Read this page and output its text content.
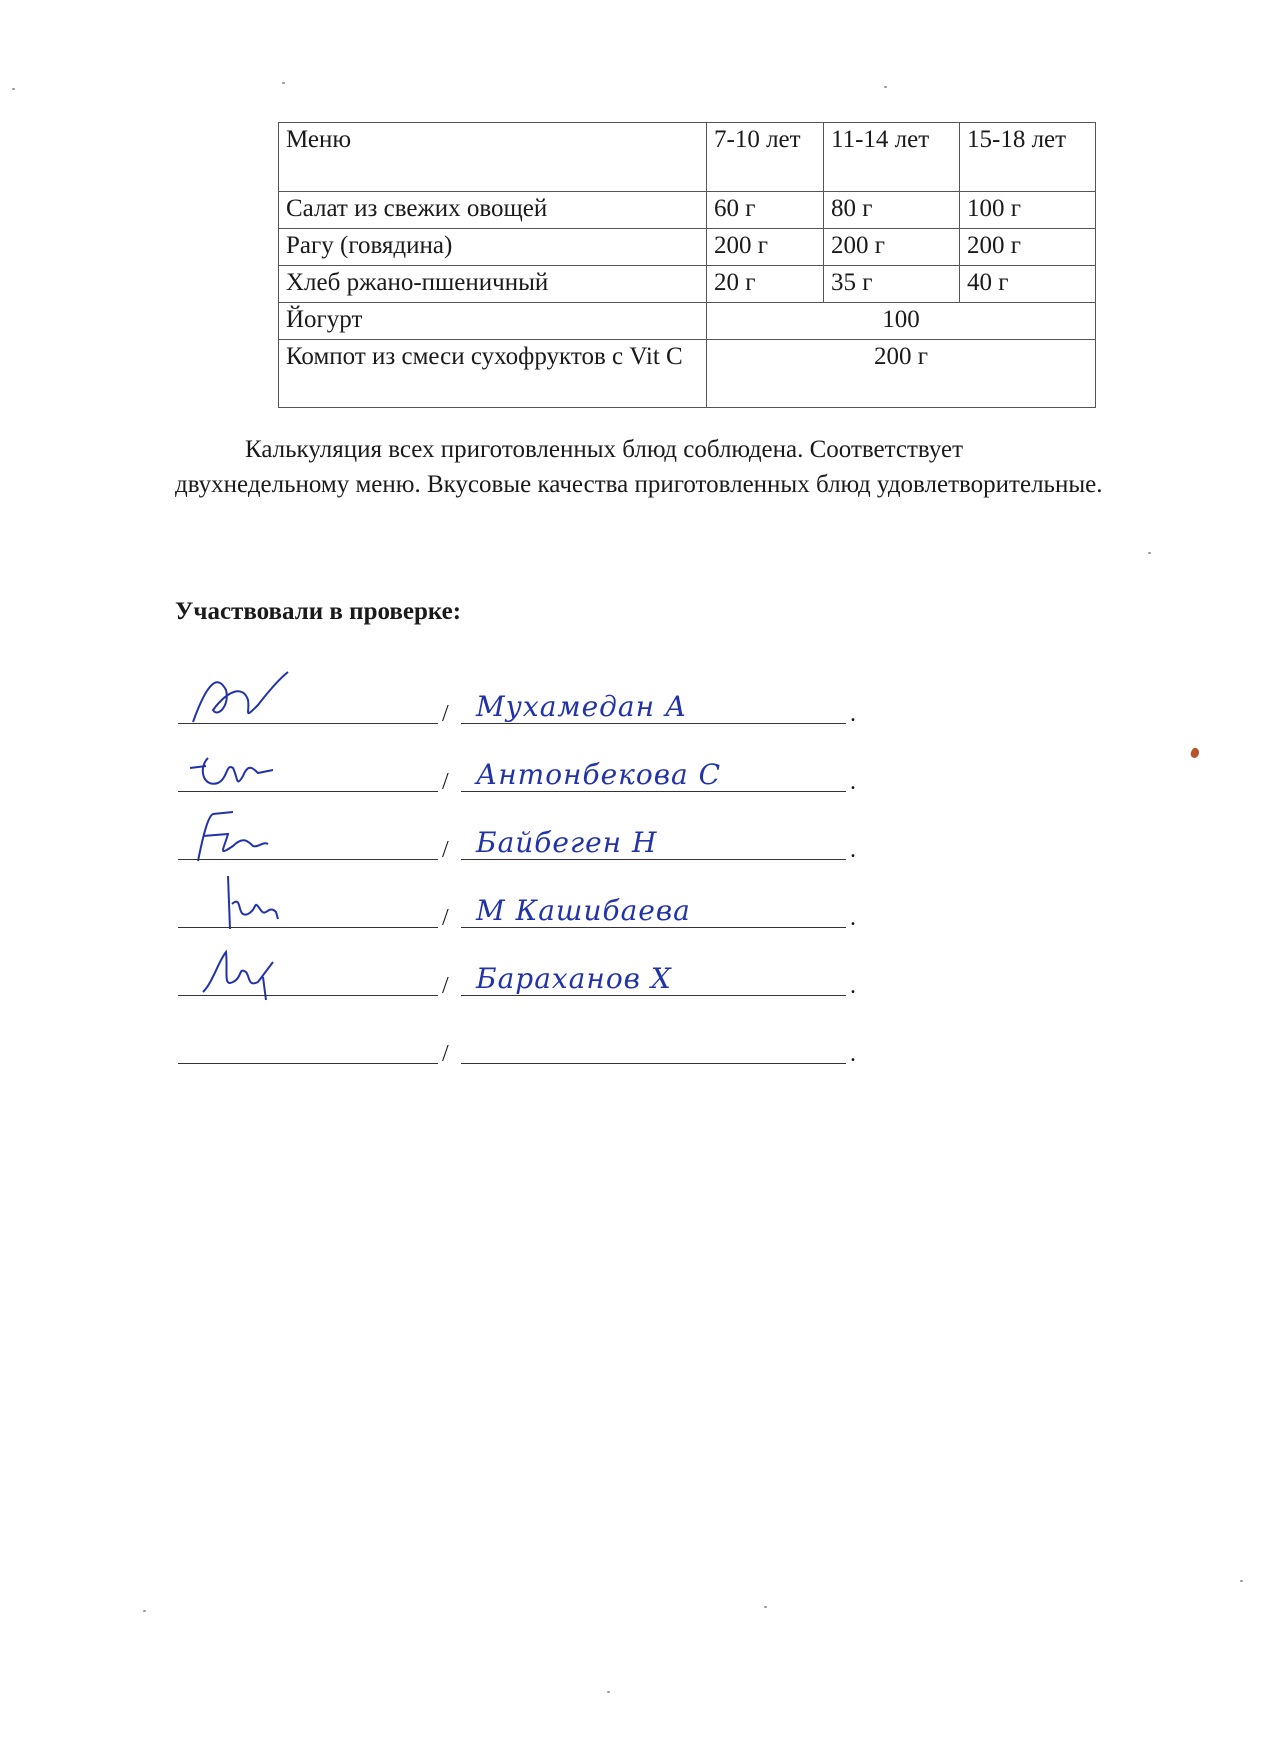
Меню	7-10 лет	11-14 лет	15-18 лет
Салат из свежих овощей	60 г	80 г	100 г
Рагу (говядина)	200 г	200 г	200 г
Хлеб ржано-пшеничный	20 г	35 г	40 г
Йогурт	100		
Компот из смеси сухофруктов с Vit C	200 г		
Калькуляция всех приготовленных блюд соблюдена. Соответствует двухнедельному меню. Вкусовые качества приготовленных блюд удовлетворительные.
Участвовали в проверке:
/ Мухамедан А	.
/ Антонбекова С	.
/ Байбеген Н	.
/ М Кашибаева	.
/ Бараханов Х	.
/	.
